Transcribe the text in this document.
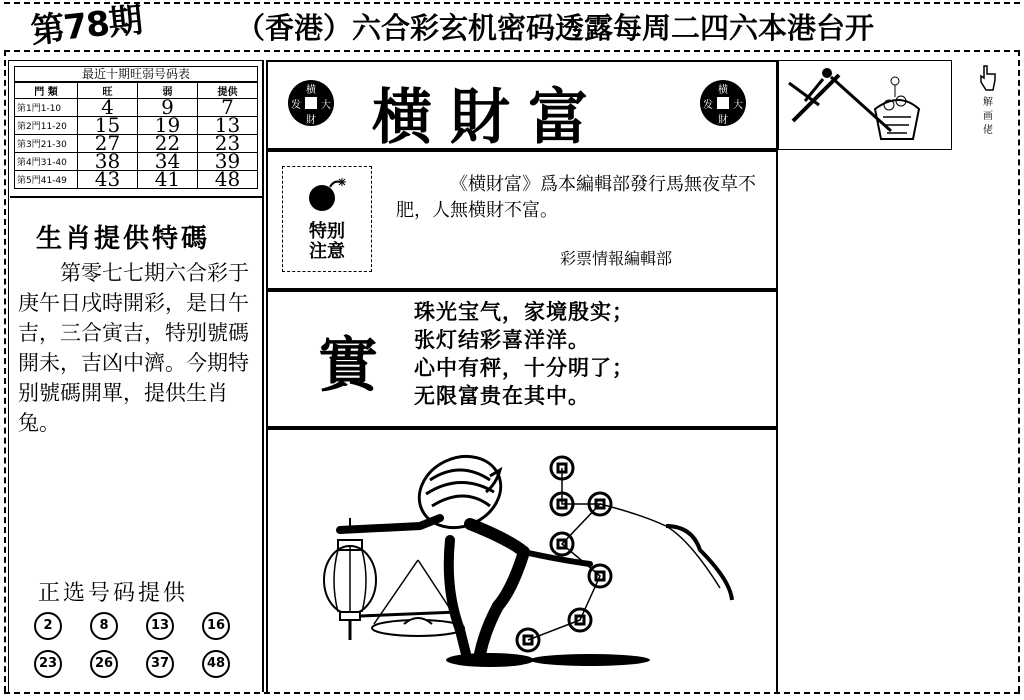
第78期	（香港）六合彩玄机密码透露每周二四六本港台开
最近十期旺弱号码表
門 類	旺	弱	提供
第1門1-10	4	9	7
第2門11-20	15	19	13
第3門21-30	27	22	23
第4門31-40	38	34	39
第5門41-49	43	41	48
生肖提供特碼
第零七七期六合彩于庚午日戌時開彩，是日午吉，三合寅吉，特别號碼開未，吉凶中濟。今期特别號碼開單，提供生肖兔。
正选号码提供
2	8	13	16
23	26	37	48
横
大
財
发 横財富	横
大
財
发	解画佬
特别
注意
《横財富》爲本編輯部發行馬無夜草不肥，人無横財不富。
彩票情報編輯部
實
珠光宝气，家境殷实；
张灯结彩喜洋洋。
心中有秤，十分明了；
无限富贵在其中。
